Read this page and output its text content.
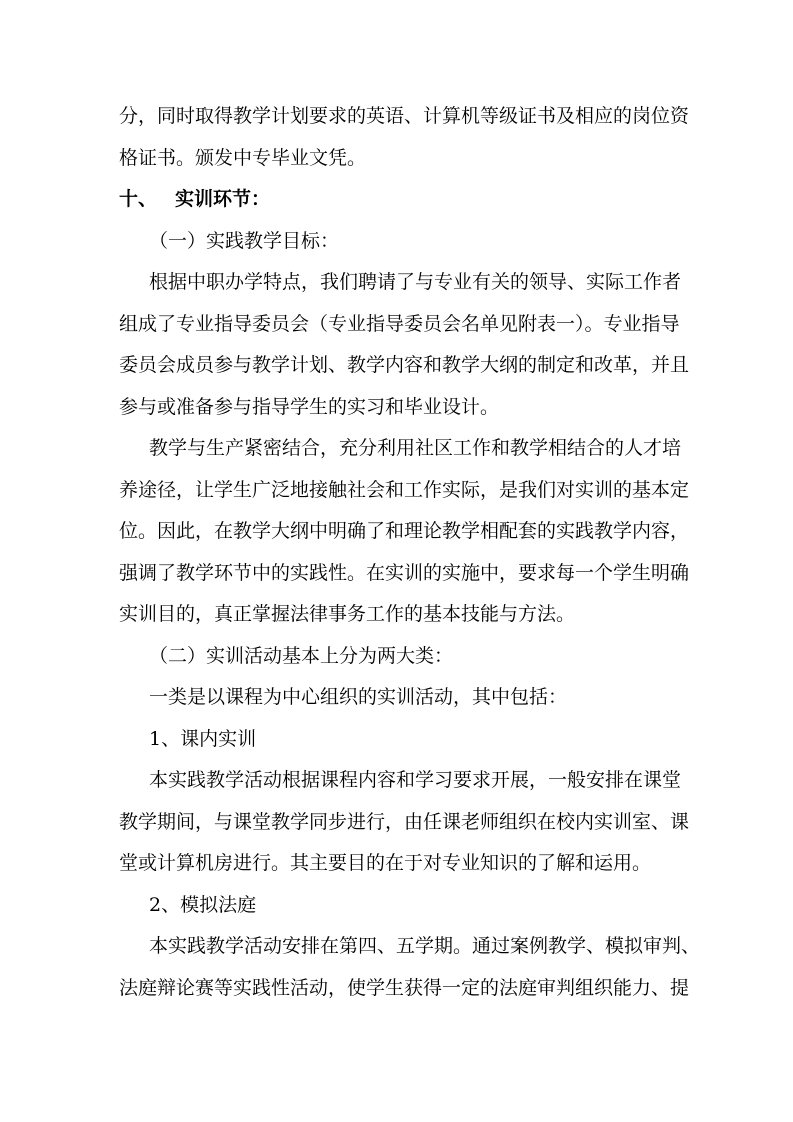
分，同时取得教学计划要求的英语、计算机等级证书及相应的岗位资
格证书。颁发中专毕业文凭。
十、 实训环节：
（一）实践教学目标：
根据中职办学特点，我们聘请了与专业有关的领导、实际工作者
组成了专业指导委员会（专业指导委员会名单见附表一）。专业指导
委员会成员参与教学计划、教学内容和教学大纲的制定和改革，并且
参与或准备参与指导学生的实习和毕业设计。
教学与生产紧密结合，充分利用社区工作和教学相结合的人才培
养途径，让学生广泛地接触社会和工作实际，是我们对实训的基本定
位。因此，在教学大纲中明确了和理论教学相配套的实践教学内容，
强调了教学环节中的实践性。在实训的实施中，要求每一个学生明确
实训目的，真正掌握法律事务工作的基本技能与方法。
（二）实训活动基本上分为两大类：
一类是以课程为中心组织的实训活动，其中包括：
1、课内实训
本实践教学活动根据课程内容和学习要求开展，一般安排在课堂
教学期间，与课堂教学同步进行，由任课老师组织在校内实训室、课
堂或计算机房进行。其主要目的在于对专业知识的了解和运用。
2、模拟法庭
本实践教学活动安排在第四、五学期。通过案例教学、模拟审判、
法庭辩论赛等实践性活动，使学生获得一定的法庭审判组织能力、提
